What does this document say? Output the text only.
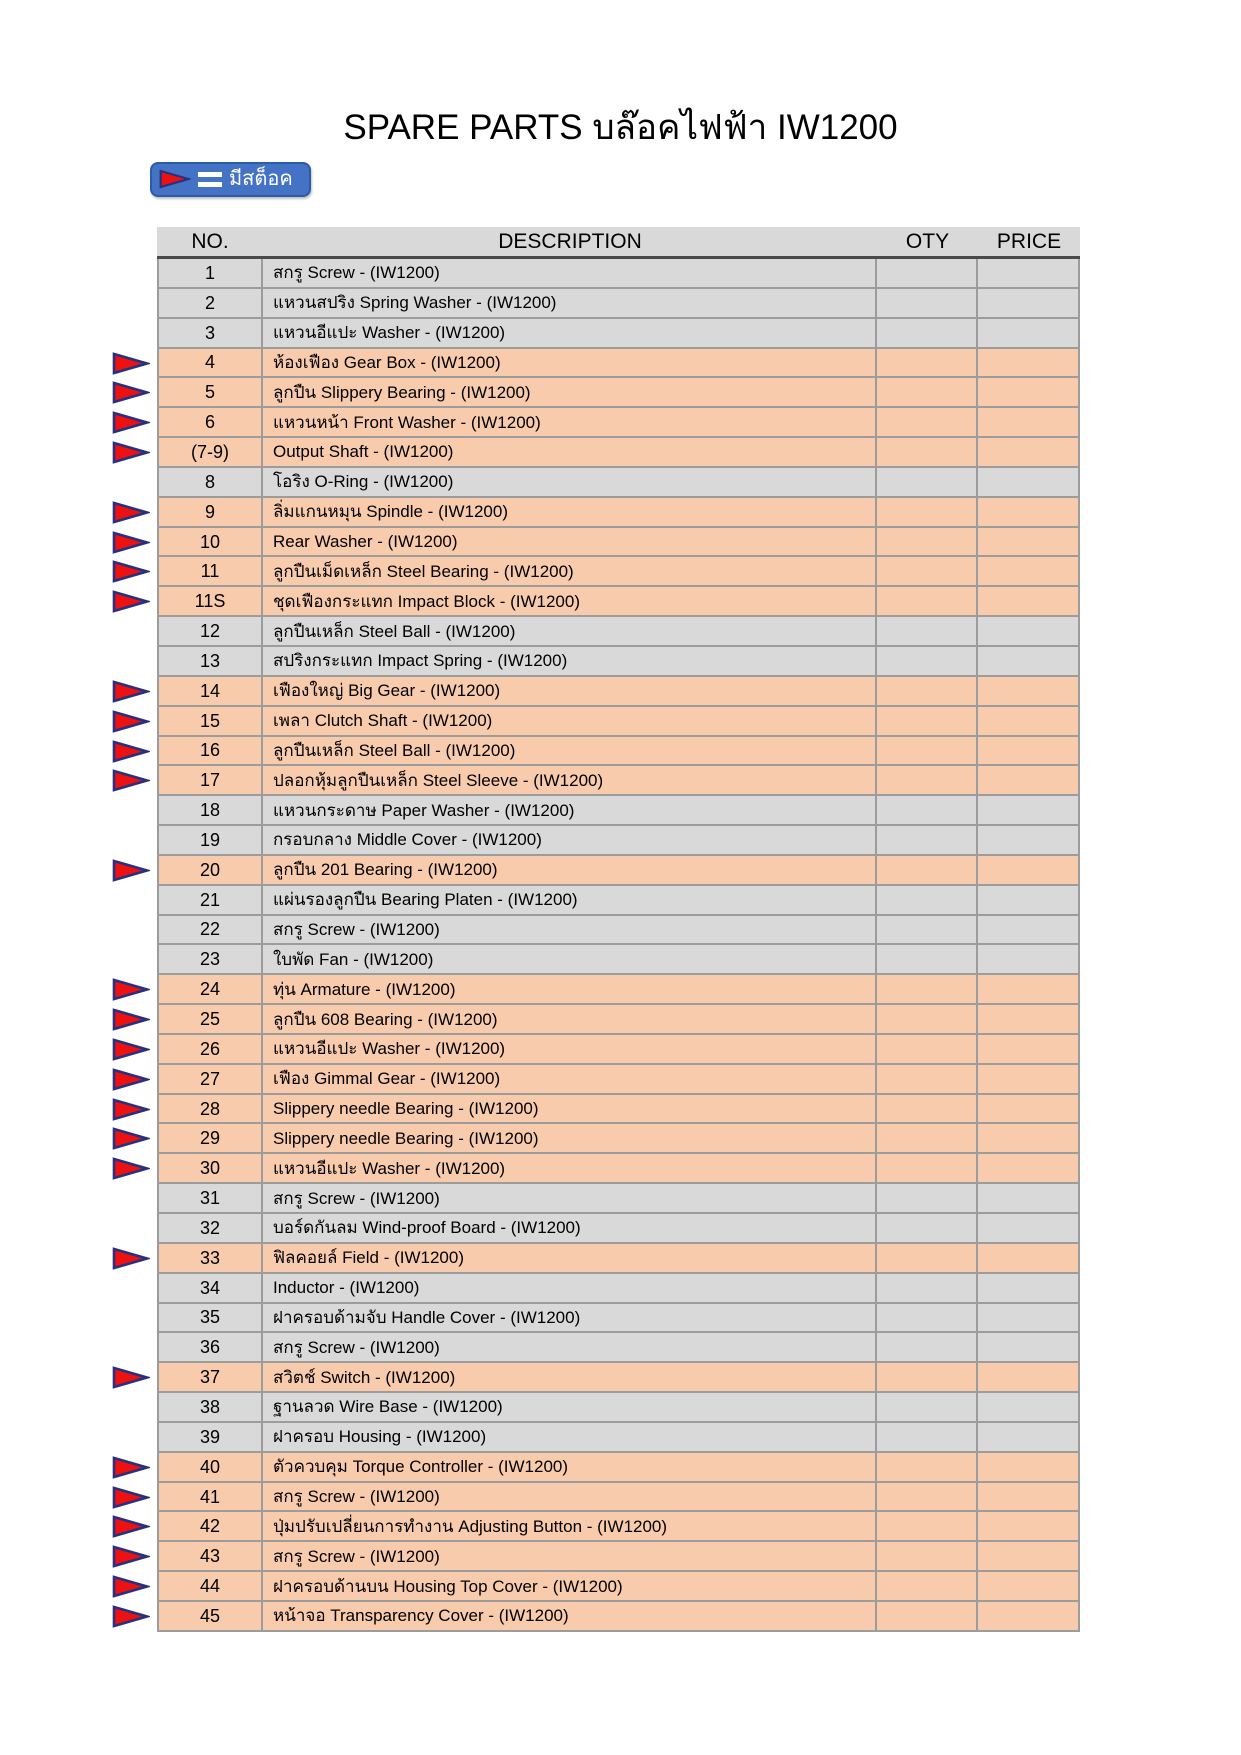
SPARE PARTS บล๊อคไฟฟ้า IW1200
มีสต็อค
NO.	DESCRIPTION	OTY	PRICE
1	สกรู Screw - (IW1200)
2	แหวนสปริง Spring Washer - (IW1200)
3	แหวนอีแปะ Washer - (IW1200)
4	ห้องเฟือง Gear Box - (IW1200)
5	ลูกปืน Slippery Bearing - (IW1200)
6	แหวนหน้า Front Washer - (IW1200)
(7-9)	Output Shaft - (IW1200)
8	โอริง O-Ring - (IW1200)
9	ลิ่มแกนหมุน Spindle - (IW1200)
10	Rear Washer - (IW1200)
11	ลูกปืนเม็ดเหล็ก Steel Bearing - (IW1200)
11S	ชุดเฟืองกระแทก Impact Block - (IW1200)
12	ลูกปืนเหล็ก Steel Ball - (IW1200)
13	สปริงกระแทก Impact Spring - (IW1200)
14	เฟืองใหญ่ Big Gear - (IW1200)
15	เพลา Clutch Shaft - (IW1200)
16	ลูกปืนเหล็ก Steel Ball - (IW1200)
17	ปลอกหุ้มลูกปืนเหล็ก Steel Sleeve - (IW1200)
18	แหวนกระดาษ Paper Washer - (IW1200)
19	กรอบกลาง Middle Cover - (IW1200)
20	ลูกปืน 201 Bearing - (IW1200)
21	แผ่นรองลูกปืน Bearing Platen - (IW1200)
22	สกรู Screw - (IW1200)
23	ใบพัด Fan - (IW1200)
24	ทุ่น Armature - (IW1200)
25	ลูกปืน 608 Bearing - (IW1200)
26	แหวนอีแปะ Washer - (IW1200)
27	เฟือง Gimmal Gear - (IW1200)
28	Slippery needle Bearing - (IW1200)
29	Slippery needle Bearing - (IW1200)
30	แหวนอีแปะ Washer - (IW1200)
31	สกรู Screw - (IW1200)
32	บอร์ดกันลม Wind-proof Board - (IW1200)
33	ฟิลคอยล์ Field - (IW1200)
34	Inductor - (IW1200)
35	ฝาครอบด้ามจับ Handle Cover - (IW1200)
36	สกรู Screw - (IW1200)
37	สวิตช์ Switch - (IW1200)
38	ฐานลวด Wire Base - (IW1200)
39	ฝาครอบ Housing - (IW1200)
40	ตัวควบคุม Torque Controller - (IW1200)
41	สกรู Screw - (IW1200)
42	ปุ่มปรับเปลี่ยนการทำงาน Adjusting Button - (IW1200)
43	สกรู Screw - (IW1200)
44	ฝาครอบด้านบน Housing Top Cover - (IW1200)
45	หน้าจอ Transparency Cover - (IW1200)
